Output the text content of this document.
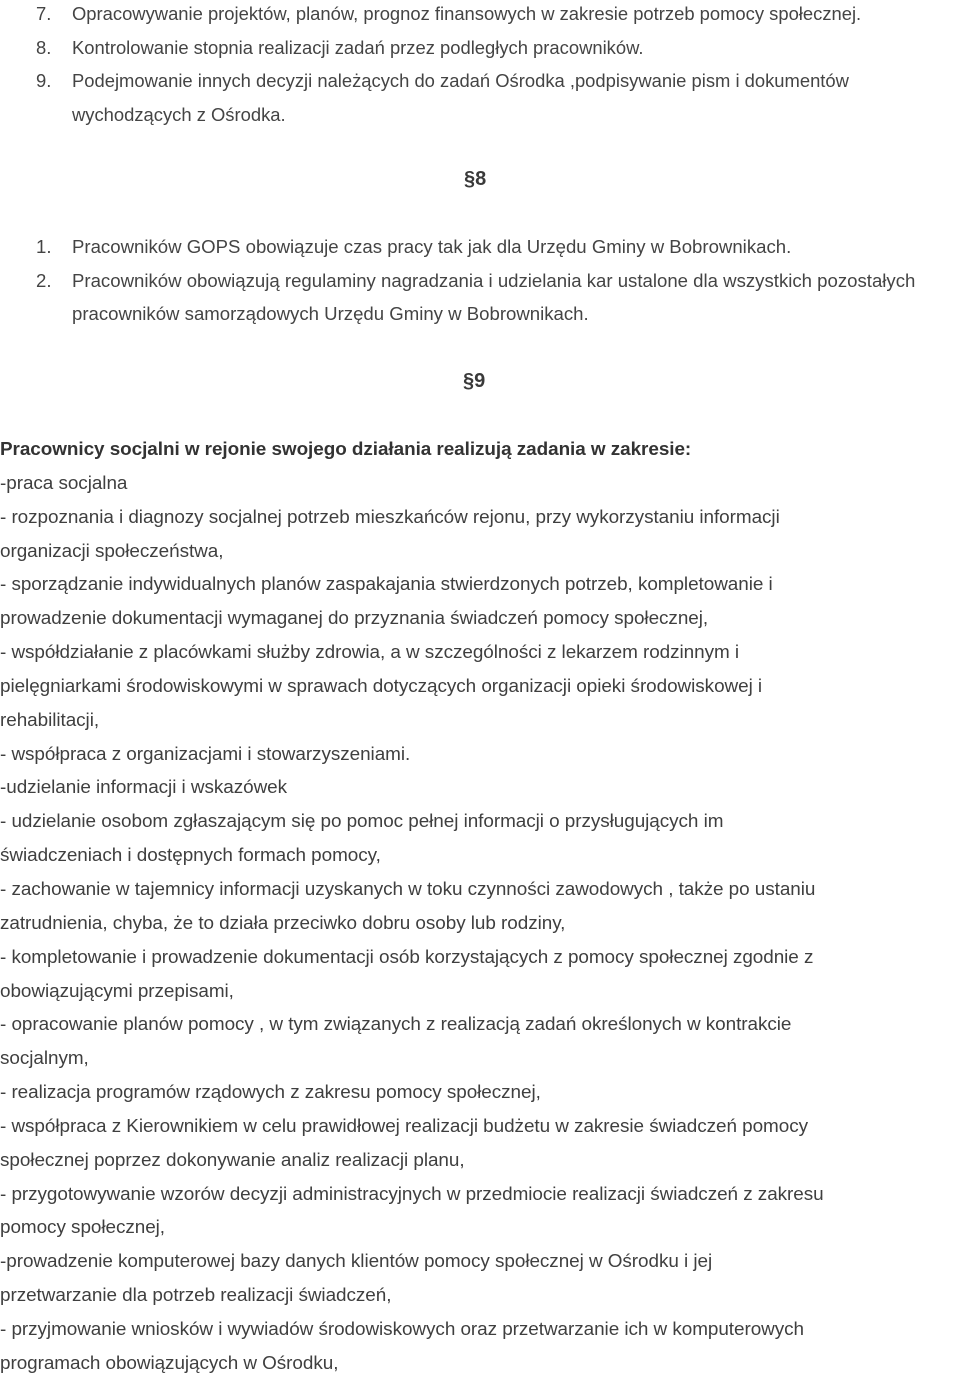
7. Opracowywanie projektów, planów, prognoz finansowych w zakresie potrzeb pomocy społecznej.
8. Kontrolowanie stopnia realizacji zadań przez podległych pracowników.
9. Podejmowanie innych decyzji należących do zadań Ośrodka ,podpisywanie pism i dokumentów wychodzących z Ośrodka.
§8
1. Pracowników GOPS obowiązuje czas pracy tak jak dla Urzędu Gminy w Bobrownikach.
2. Pracowników obowiązują regulaminy nagradzania i udzielania kar ustalone dla wszystkich pozostałych pracowników samorządowych Urzędu Gminy w Bobrownikach.
§9
Pracownicy socjalni w rejonie swojego działania realizują zadania w zakresie:
-praca socjalna
- rozpoznania i diagnozy socjalnej potrzeb mieszkańców rejonu, przy wykorzystaniu informacji
organizacji społeczeństwa,
- sporządzanie indywidualnych planów zaspakajania stwierdzonych potrzeb, kompletowanie i
prowadzenie dokumentacji wymaganej do przyznania świadczeń pomocy społecznej,
- współdziałanie z placówkami służby zdrowia, a w szczególności z lekarzem rodzinnym i
pielęgniarkami środowiskowymi w sprawach dotyczących organizacji opieki środowiskowej i
rehabilitacji,
- współpraca z organizacjami i stowarzyszeniami.
-udzielanie informacji i wskazówek
- udzielanie osobom zgłaszającym się po pomoc pełnej informacji o przysługujących im
świadczeniach i dostępnych formach pomocy,
- zachowanie w tajemnicy informacji uzyskanych w toku czynności zawodowych , także po ustaniu
zatrudnienia, chyba, że to działa przeciwko dobru osoby lub rodziny,
- kompletowanie i prowadzenie dokumentacji osób korzystających z pomocy społecznej zgodnie z
obowiązującymi przepisami,
- opracowanie planów pomocy , w tym związanych z realizacją zadań określonych w kontrakcie
socjalnym,
- realizacja programów rządowych z zakresu pomocy społecznej,
- współpraca z Kierownikiem w celu prawidłowej realizacji budżetu w zakresie świadczeń pomocy
społecznej poprzez dokonywanie analiz realizacji planu,
- przygotowywanie wzorów decyzji administracyjnych w przedmiocie realizacji świadczeń z zakresu
pomocy społecznej,
-prowadzenie komputerowej bazy danych klientów pomocy społecznej w Ośrodku i jej
przetwarzanie dla potrzeb realizacji świadczeń,
- przyjmowanie wniosków i wywiadów środowiskowych oraz przetwarzanie ich w komputerowych
programach obowiązujących w Ośrodku,
